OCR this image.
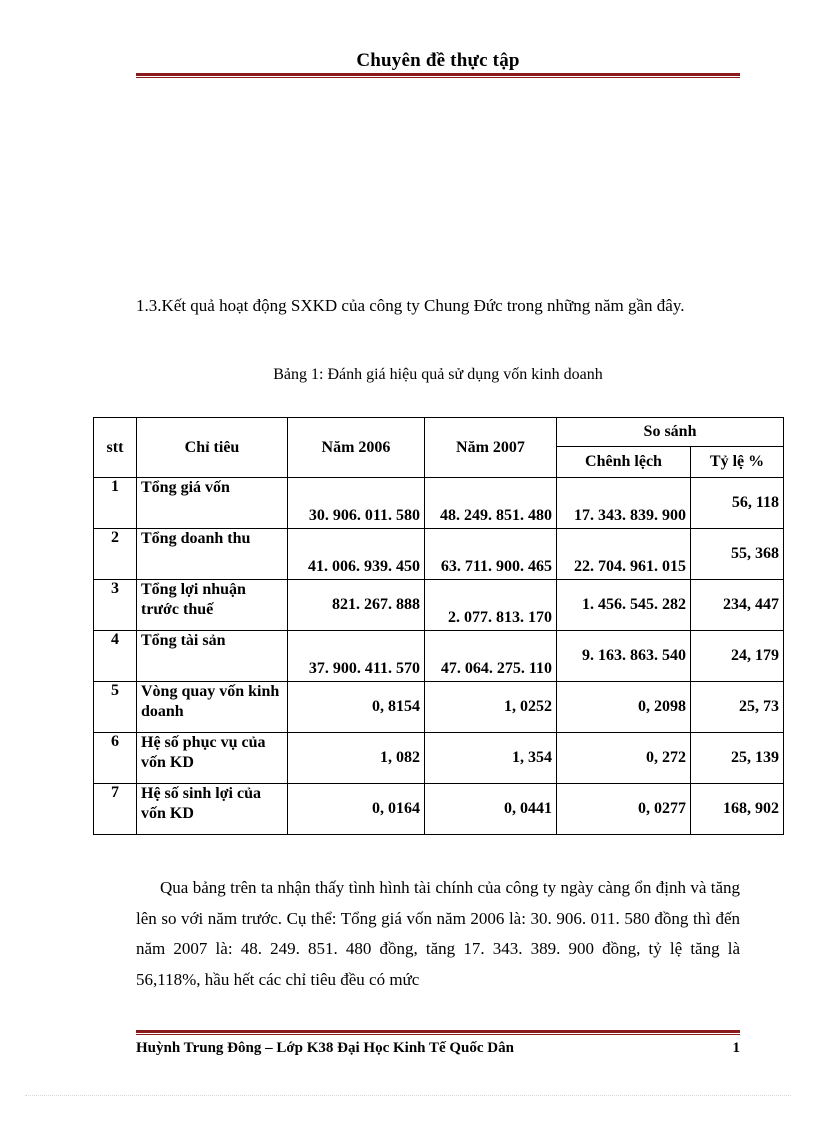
Chuyên đề thực tập
1.3.Kết quả hoạt động SXKD của công ty Chung Đức trong những năm gần đây.
Bảng 1: Đánh giá hiệu quả sử dụng vốn kinh doanh
stt	Chỉ tiêu	Năm 2006	Năm 2007	So sánh	
				Chênh lệch	Tỷ lệ %
1	Tổng giá vốn	30. 906. 011. 580	48. 249. 851. 480	17. 343. 839. 900	56, 118
2	Tổng doanh thu	41. 006. 939. 450	63. 711. 900. 465	22. 704. 961. 015	55, 368
3	Tổng lợi nhuận trước thuế	821. 267. 888	2. 077. 813. 170	1. 456. 545. 282	234, 447
4	Tổng tài sản	37. 900. 411. 570	47. 064. 275. 110	9. 163. 863. 540	24, 179
5	Vòng quay vốn kinh doanh	0, 8154	1, 0252	0, 2098	25, 73
6	Hệ số phục vụ của vốn KD	1, 082	1, 354	0, 272	25, 139
7	Hệ số sinh lợi của vốn KD	0, 0164	0, 0441	0, 0277	168, 902
Qua bảng trên ta nhận thấy tình hình tài chính của công ty ngày càng ổn định và tăng lên so với năm trước. Cụ thể: Tổng giá vốn năm 2006 là: 30. 906. 011. 580 đồng thì đến năm 2007 là: 48. 249. 851. 480 đồng, tăng 17. 343. 389. 900 đồng, tỷ lệ tăng là 56,118%, hầu hết các chỉ tiêu đều có mức
Huỳnh Trung Đông – Lớp K38 Đại Học Kinh Tế Quốc Dân	1
